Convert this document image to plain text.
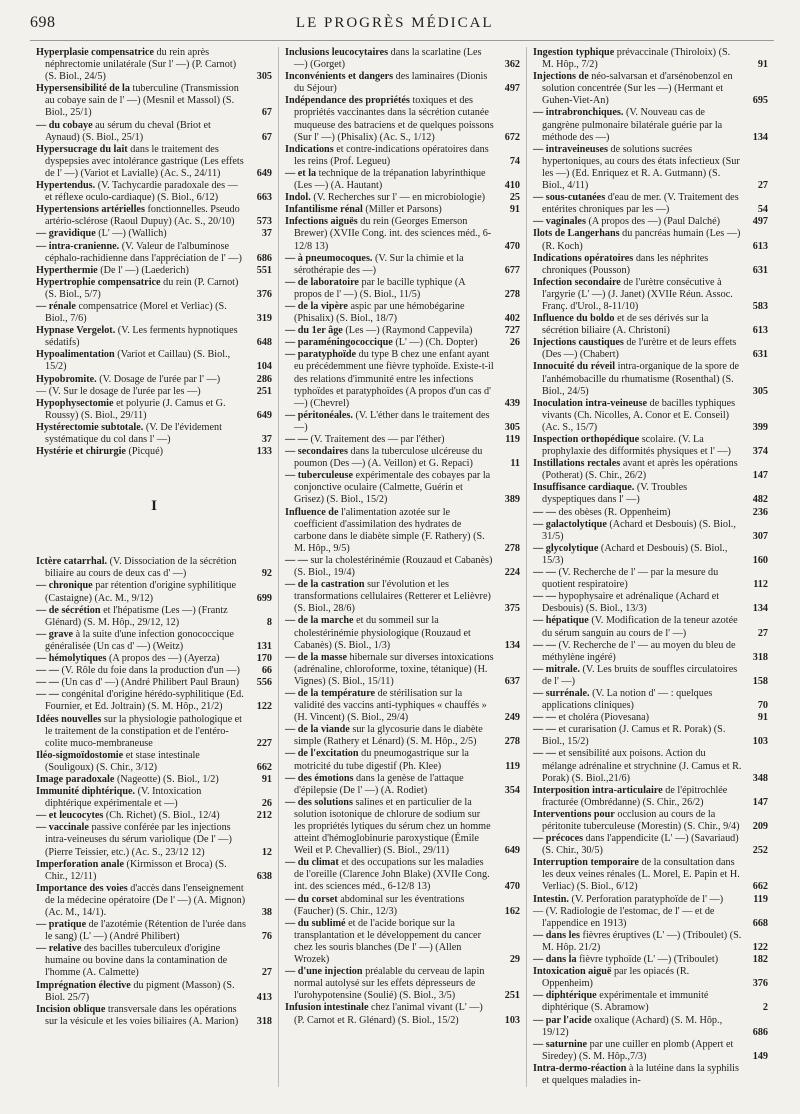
698	LE PROGRÈS MÉDICAL
Hyperplasie compensatrice du rein après néphrectomie unilatérale (Sur l' —) (P. Carnot) (S. Biol., 24/5)	305
Hypersensibilité de la tuberculine (Transmission au cobaye sain de l' —) (Mesnil et Massol) (S. Biol., 25/1)	67
— du cobaye au sérum du cheval (Briot et Aynaud) (S. Biol., 25/1)	67
Hypersucrage du lait dans le traitement des dyspepsies avec intolérance gastrique (Les effets de l' —) (Variot et Lavialle) (Ac. S., 24/11)	649
Hypertendus. (V. Tachycardie paradoxale des — et réflexe oculo-cardiaque) (S. Biol., 6/12)	663
Hypertensions artérielles fonctionnelles. Pseudo artério-sclérose (Raoul Dupuy) (Ac. S., 20/10)	573
— gravidique (L' —) (Wallich)	37
— intra-cranienne. (V. Valeur de l'albuminose céphalo-rachidienne dans l'appréciation de l' —)	686
Hyperthermie (De l' —) (Laederich)	551
Hypertrophie compensatrice du rein (P. Carnot) (S. Biol., 5/7)	376
— rénale compensatrice (Morel et Verliac) (S. Biol., 7/6)	319
Hypnase Vergelot. (V. Les ferments hypnotiques sédatifs)	648
Hypoalimentation (Variot et Caillau) (S. Biol., 15/2)	104
Hypobromite. (V. Dosage de l'urée par l' —)	286
— (V. Sur le dosage de l'urée par les —)	251
Hypophysectomie et polyurie (J. Camus et G. Roussy) (S. Biol., 29/11)	649
Hystérectomie subtotale. (V. De l'évidement systématique du col dans l' —)	37
Hystérie et chirurgie (Picqué)	133
I
Ictère catarrhal. (V. Dissociation de la sécrétion biliaire au cours de deux cas d' —)	92
— chronique par rétention d'origine syphilitique (Castaigne) (Ac. M., 9/12)	699
— de sécrétion et l'hépatisme (Les —) (Frantz Glénard) (S. M. Hôp., 29/12, 12)	8
— grave à la suite d'une infection gonococcique généralisée (Un cas d' —) (Weitz)	131
— hémolytiques (A propos des —) (Ayerza)	170
— — (V. Rôle du foie dans la production d'un —)	66
— — (Un cas d' —) (André Philibert Paul Braun)	556
— — congénital d'origine hérédo-syphilitique (Ed. Fournier, et Ed. Joltrain) (S. M. Hôp., 21/2)	122
Idées nouvelles sur la physiologie pathologique et le traitement de la constipation et de l'entéro-colite muco-membraneuse	227
Iléo-sigmoïdostomie et stase intestinale (Souligoux) (S. Chir., 3/12)	662
Image paradoxale (Nageotte) (S. Biol., 1/2)	91
Immunité diphtérique. (V. Intoxication diphtérique expérimentale et —)	26
— et leucocytes (Ch. Richet) (S. Biol., 12/4)	212
— vaccinale passive conférée par les injections intra-veineuses du sérum variolique (De l' —) (Pierre Teissier, etc.) (Ac. S., 23/12 12)	12
Imperforation anale (Kirmisson et Broca) (S. Chir., 12/11)	638
Importance des voies d'accès dans l'enseignement de la médecine opératoire (De l' —) (A. Mignon) (Ac. M., 14/1).	38
— pratique de l'azotémie (Rétention de l'urée dans le sang) (L' —) (André Philibert)	76
— relative des bacilles tuberculeux d'origine humaine ou bovine dans la contamination de l'homme (A. Calmette)	27
Imprégnation élective du pigment (Masson) (S. Biol. 25/7)	413
Incision oblique transversale dans les opérations sur la vésicule et les voies biliaires (A. Marion)	318
Inclusions leucocytaires dans la scarlatine (Les —) (Gorget)	362
Inconvénients et dangers des laminaires (Dionis du Séjour)	497
Indépendance des propriétés toxiques et des propriétés vaccinantes dans la sécrétion cutanée muqueuse des batraciens et de quelques poissons (Sur l' —) (Phisalix) (Ac. S., 1/12)	672
Indications et contre-indications opératoires dans les reins (Prof. Legueu)	74
— et la technique de la trépanation labyrinthique (Les —) (A. Hautant)	410
Indol. (V. Recherches sur l' — en microbiologie)	25
Infantilisme rénal (Miller et Parsons)	91
Infections aiguës du rein (Georges Emerson Brewer) (XVIIe Cong. int. des sciences méd., 6-12/8 13)	470
— à pneumocoques. (V. Sur la chimie et la sérothérapie des —)	677
— de laboratoire par le bacille typhique (A propos de l' —) (S. Biol., 11/5)	278
— de la vipère aspic par une hémobégarine (Phisalix) (S. Biol., 18/7)	402
— du 1er âge (Les —) (Raymond Cappevila)	727
— paraméningococcique (L' —) (Ch. Dopter)	26
— paratyphoïde du type B chez une enfant ayant eu précédemment une fièvre typhoïde. Existe-t-il des relations d'immunité entre les infections typhoïdes et paratyphoïdes (A propos d'un cas d' —) (Chevrel)	439
— péritonéales. (V. L'éther dans le traitement des —)	305
— — (V. Traitement des — par l'éther)	119
— secondaires dans la tuberculose ulcéreuse du poumon (Des —) (A. Veillon) et G. Repaci)	11
— tuberculeuse expérimentale des cobayes par la conjonctive oculaire (Calmette, Guérin et Grisez) (S. Biol., 15/2)	389
Influence de l'alimentation azotée sur le coefficient d'assimilation des hydrates de carbone dans le diabète simple (F. Rathery) (S. M. Hôp., 9/5)	278
— — sur la cholestérinémie (Rouzaud et Cabanès) (S. Biol., 19/4)	224
— de la castration sur l'évolution et les transformations cellulaires (Retterer et Lelièvre) (S. Biol., 28/6)	375
— de la marche et du sommeil sur la cholestérinémie physiologique (Rouzaud et Cabanès) (S. Biol., 1/3)	134
— de la masse hibernale sur diverses intoxications (adrénaline, chloroforme, toxine, tétanique) (H. Vignes) (S. Biol., 15/11)	637
— de la température de stérilisation sur la validité des vaccins anti-typhiques « chauffés » (H. Vincent) (S. Biol., 29/4)	249
— de la viande sur la glycosurie dans le diabète simple (Rathery et Lénard) (S. M. Hôp., 2/5)	278
— de l'excitation du pneumogastrique sur la motricité du tube digestif (Ph. Klee)	119
— des émotions dans la genèse de l'attaque d'épilepsie (De l' —) (A. Rodiet)	354
— des solutions salines et en particulier de la solution isotonique de chlorure de sodium sur les propriétés lytiques du sérum chez un homme atteint d'hémoglobinurie paroxystique (Émile Weil et P. Chevallier) (S. Biol., 29/11)	649
— du climat et des occupations sur les maladies de l'oreille (Clarence John Blake) (XVIIe Cong. int. des sciences méd., 6-12/8 13)	470
— du corset abdominal sur les éventrations (Faucher) (S. Chir., 12/3)	162
— du sublimé et de l'acide borique sur la transplantation et le développement du cancer chez les souris blanches (De l' —) (Allen Wrozek)	29
— d'une injection préalable du cerveau de lapin normal autolysé sur les effets dépresseurs de l'urohypotensine (Soulié) (S. Biol., 3/5)	251
Infusion intestinale chez l'animal vivant (L' —) (P. Carnot et R. Glénard) (S. Biol., 15/2)	103
Ingestion typhique prévaccinale (Thiroloix) (S. M. Hôp., 7/2)	91
Injections de néo-salvarsan et d'arsénobenzol en solution concentrée (Sur les —) (Hermant et Guhen-Viet-An)	695
— intrabronchiques. (V. Nouveau cas de gangrène pulmonaire bilatérale guérie par la méthode des —)	134
— intraveineuses de solutions sucrées hypertoniques, au cours des états infectieux (Sur les —) (Ed. Enriquez et R. A. Gutmann) (S. Biol., 4/11)	27
— sous-cutanées d'eau de mer. (V. Traitement des entérites chroniques par les —)	54
— vaginales (A propos des —) (Paul Dalché)	497
Ilots de Langerhans du pancréas humain (Les —) (R. Koch)	613
Indications opératoires dans les néphrites chroniques (Pousson)	631
Infection secondaire de l'urètre consécutive à l'argyrie (L' —) (J. Janet) (XVIIe Réun. Assoc. Franç. d'Urol., 8-11/10)	583
Influence du boldo et de ses dérivés sur la sécrétion biliaire (A. Christoni)	613
Injections caustiques de l'urètre et de leurs effets (Des —) (Chabert)	631
Innocuité du réveil intra-organique de la spore de l'anhémobacille du rhumatisme (Rosenthal) (S. Biol., 24/5)	305
Inoculation intra-veineuse de bacilles typhiques vivants (Ch. Nicolles, A. Conor et E. Conseil) (Ac. S., 15/7)	399
Inspection orthopédique scolaire. (V. La prophylaxie des difformités physiques et l' —)	374
Instillations rectales avant et après les opérations (Potherat) (S. Chir., 26/2)	147
Insuffisance cardiaque. (V. Troubles dyspeptiques dans l' —)	482
— — des obèses (R. Oppenheim)	236
— galactolytique (Achard et Desbouis) (S. Biol., 31/5)	307
— glycolytique (Achard et Desbouis) (S. Biol., 15/3)	160
— — (V. Recherche de l' — par la mesure du quotient respiratoire)	112
— — hypophysaire et adrénalique (Achard et Desbouis) (S. Biol., 13/3)	134
— hépatique (V. Modification de la teneur azotée du sérum sanguin au cours de l' —)	27
— — (V. Recherche de l' — au moyen du bleu de méthylène ingéré)	318
— mitrale. (V. Les bruits de souffles circulatoires de l' —)	158
— surrénale. (V. La notion d' — : quelques applications cliniques)	70
— — et choléra (Piovesana)	91
— — et curarisation (J. Camus et R. Porak) (S. Biol., 15/2)	103
— — et sensibilité aux poisons. Action du mélange adrénaline et strychnine (J. Camus et R. Porak) (S. Biol.,21/6)	348
Interposition intra-articulaire de l'épitrochlée fracturée (Ombrédanne) (S. Chir., 26/2)	147
Interventions pour occlusion au cours de la péritonite tuberculeuse (Morestin) (S. Chir., 9/4)	209
— précoces dans l'appendicite (L' —) (Savariaud) (S. Chir., 30/5)	252
Interruption temporaire de la consultation dans les deux veines rénales (L. Morel, E. Papin et H. Verliac) (S. Biol., 6/12)	662
Intestin. (V. Perforation paratyphoïde de l' —)	119
— (V. Radiologie de l'estomac, de l' — et de l'appendice en 1913)	668
— dans les fièvres éruptives (L' —) (Triboulet) (S. M. Hôp. 21/2)	122
— dans la fièvre typhoïde (L' —) (Triboulet)	182
Intoxication aiguë par les opiacés (R. Oppenheim)	376
— diphtérique expérimentale et immunité diphtérique (S. Abramow)	2
— par l'acide oxalique (Achard) (S. M. Hôp., 19/12)	686
— saturnine par une cuiller en plomb (Appert et Siredey) (S. M. Hôp.,7/3)	149
Intra-dermo-réaction à la lutéine dans la syphilis et quelques maladies in-
